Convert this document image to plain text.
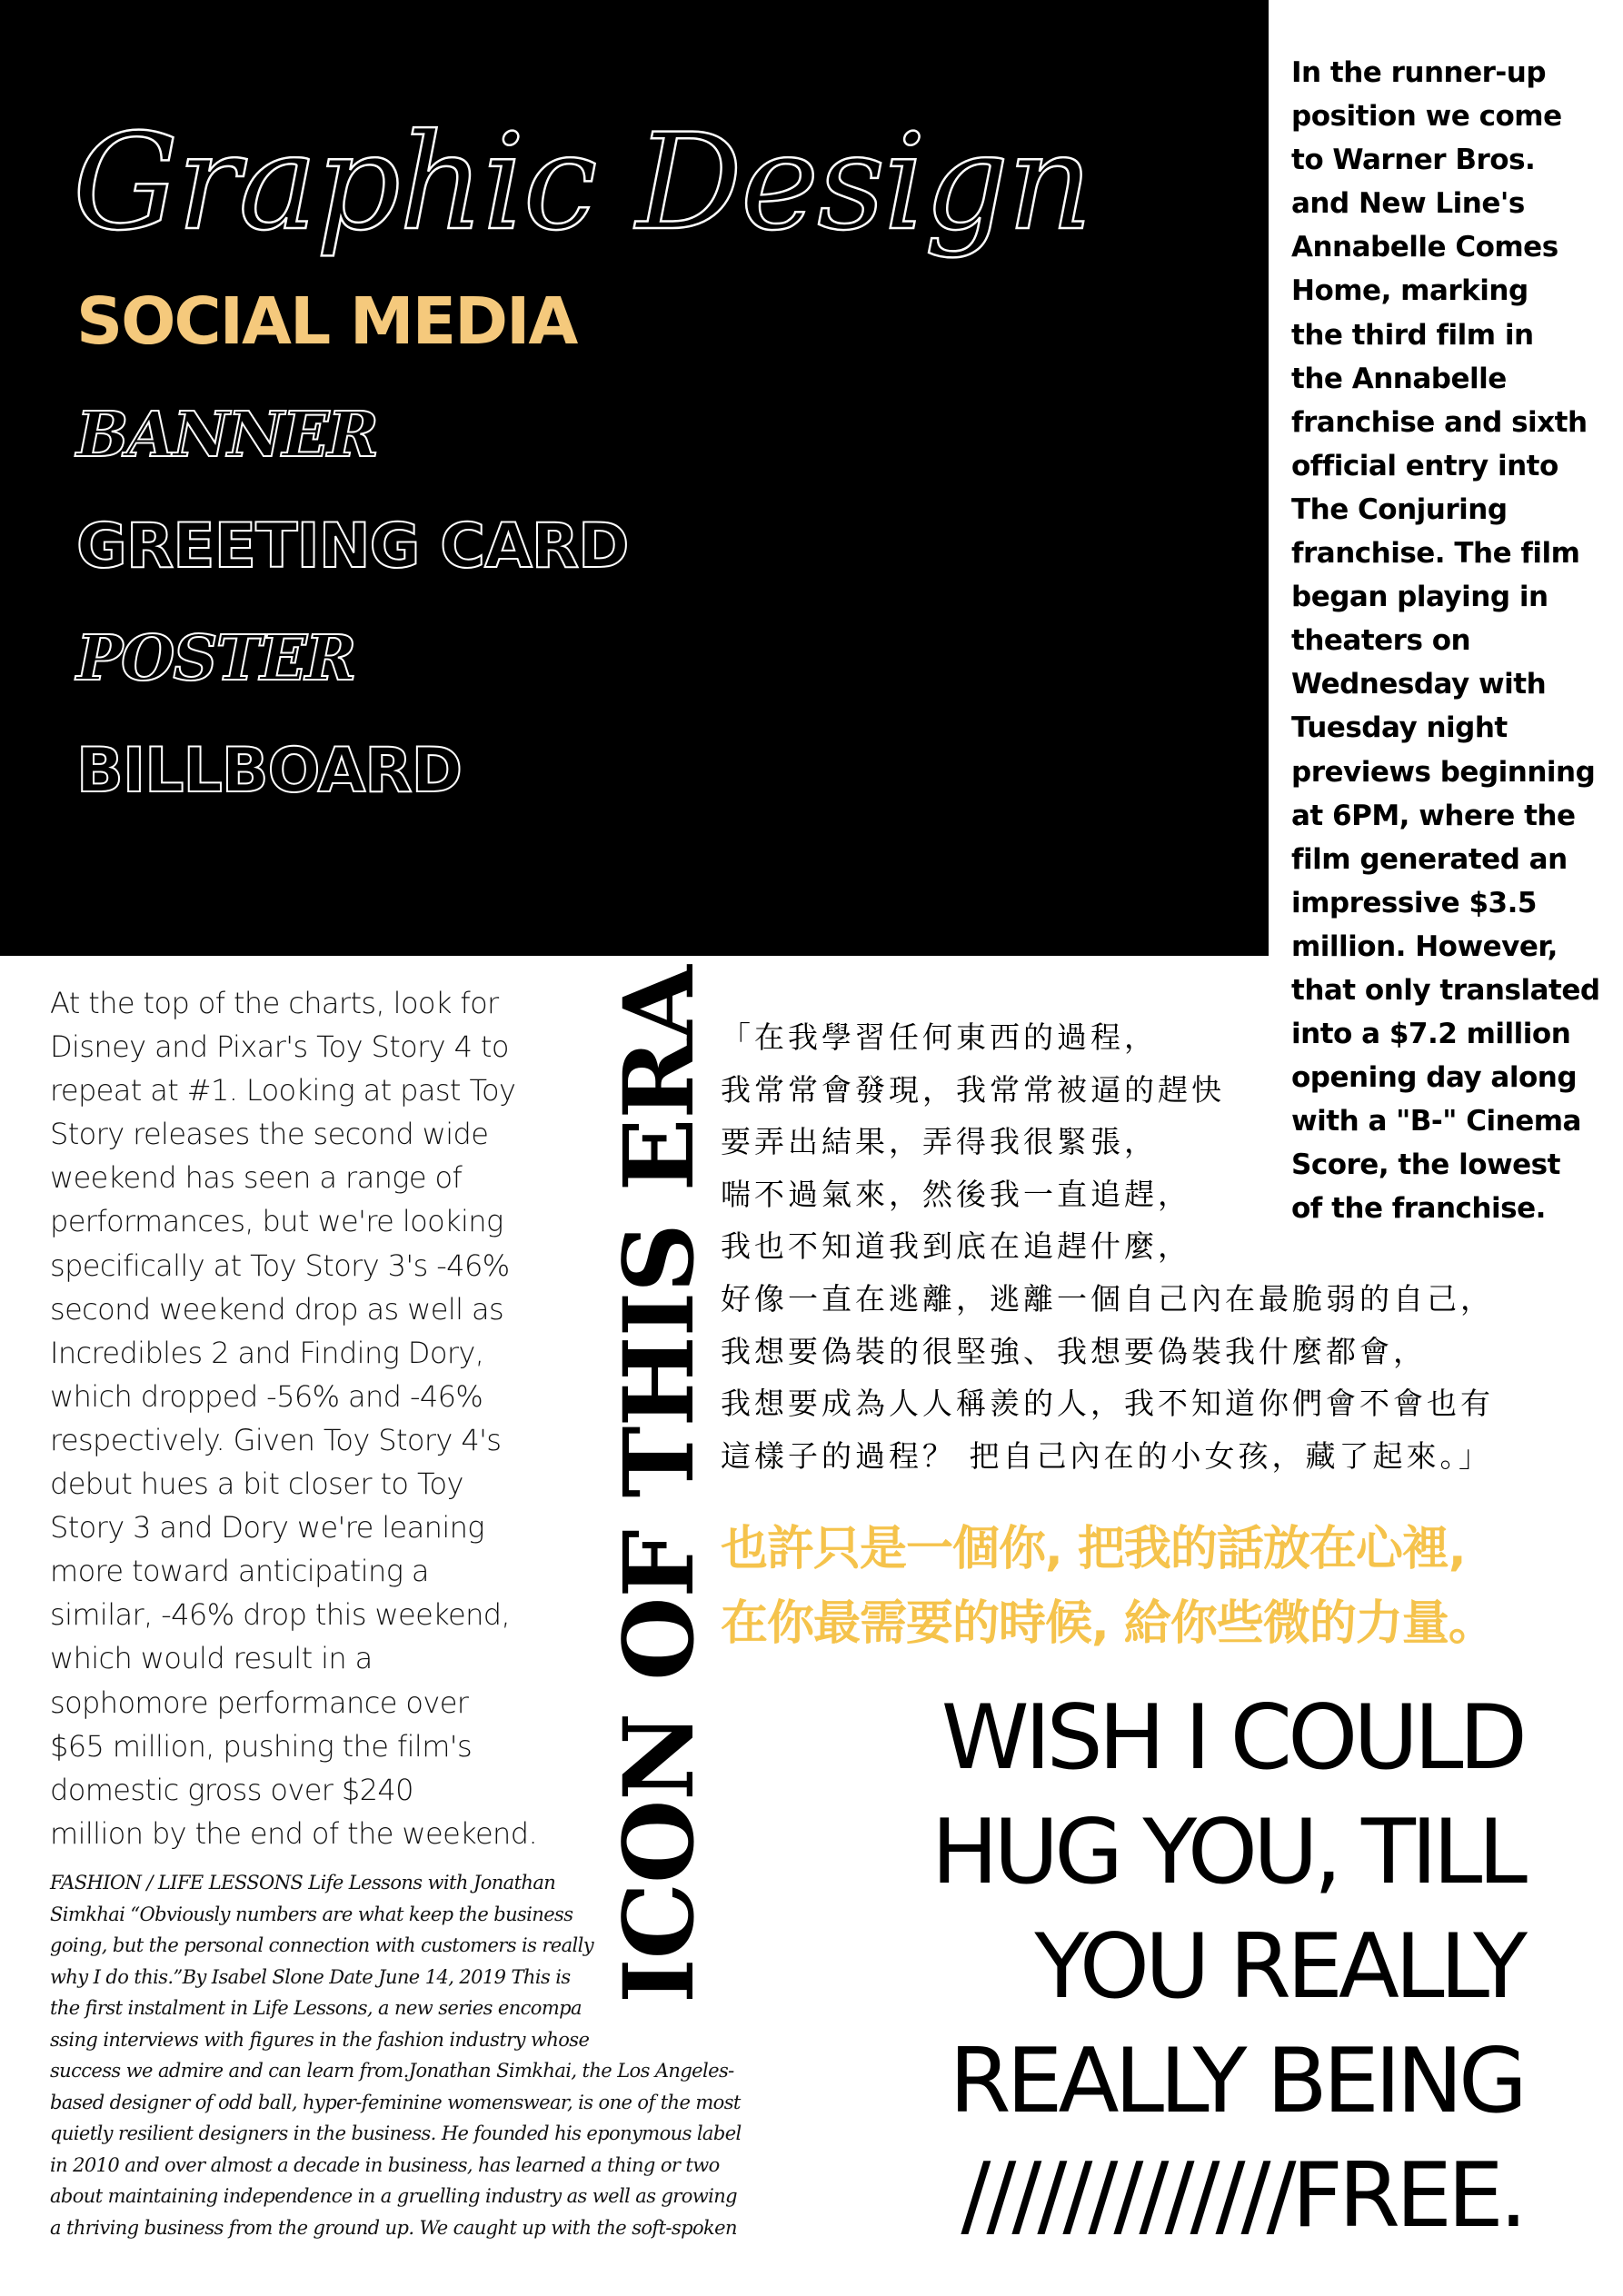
Graphic Design
SOCIAL MEDIA
BANNER
GREETING CARD
POSTER
BILLBOARD
In the runner-up
position we come
to Warner Bros.
and New Line's
Annabelle Comes
Home, marking
the third film in
the Annabelle
franchise and sixth
official entry into
The Conjuring
franchise. The film
began playing in
theaters on
Wednesday with
Tuesday night
previews beginning
at 6PM, where the
film generated an
impressive $3.5
million. However,
that only translated
into a $7.2 million
opening day along
with a "B-" Cinema
Score, the lowest
of the franchise.
At the top of the charts, look for
Disney and Pixar's Toy Story 4 to
repeat at #1. Looking at past Toy
Story releases the second wide
weekend has seen a range of
performances, but we're looking
specifically at Toy Story 3's -46%
second weekend drop as well as
Incredibles 2 and Finding Dory,
which dropped -56% and -46%
respectively. Given Toy Story 4's
debut hues a bit closer to Toy
Story 3 and Dory we're leaning
more toward anticipating a
similar, -46% drop this weekend,
which would result in a
sophomore performance over
$65 million, pushing the film's
domestic gross over $240
million by the end of the weekend.
FASHION / LIFE LESSONS Life Lessons with Jonathan
Simkhai “Obviously numbers are what keep the business
going, but the personal connection with customers is really
why I do this.”By Isabel Slone Date June 14, 2019 This is
the first instalment in Life Lessons, a new series encompa
ssing interviews with figures in the fashion industry whose
success we admire and can learn from.Jonathan Simkhai, the Los Angeles-
based designer of odd ball, hyper-feminine womenswear, is one of the most
quietly resilient designers in the business. He founded his eponymous label
in 2010 and over almost a decade in business, has learned a thing or two
about maintaining independence in a gruelling industry as well as growing
a thriving business from the ground up. We caught up with the soft-spoken
ICON OF THIS ERA 「在我學習任何東西的過程，
我常常會發現，我常常被逼的趕快
要弄出結果，弄得我很緊張，
喘不過氣來，然後我一直追趕，
我也不知道我到底在追趕什麼，
好像一直在逃離，逃離一個自己內在最脆弱的自己，
我想要偽裝的很堅強、我想要偽裝我什麼都會，
我想要成為人人稱羨的人，我不知道你們會不會也有
這樣子的過程？ 把自己內在的小女孩，藏了起來。」
也許只是一個你, 把我的話放在心裡,
在你最需要的時候, 給你些微的力量。
WISH I COULD
HUG YOU, TILL
YOU REALLY
REALLY BEING
/////////////FREE.
